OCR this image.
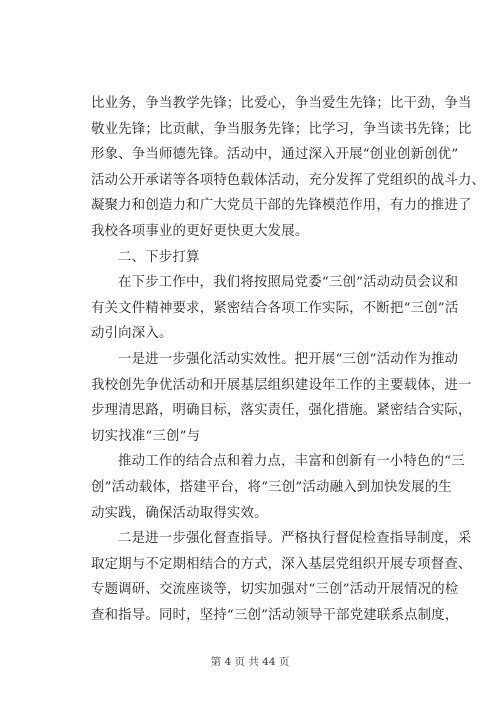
比业务，争当教学先锋；比爱心，争当爱生先锋；比干劲，争当
敬业先锋；比贡献，争当服务先锋；比学习，争当读书先锋；比
形象、争当师德先锋。活动中，通过深入开展“创业创新创优”
活动公开承诺等各项特色载体活动，充分发挥了党组织的战斗力、
凝聚力和创造力和广大党员干部的先锋模范作用，有力的推进了
我校各项事业的更好更快更大发展。
二、下步打算
在下步工作中，我们将按照局党委“三创”活动动员会议和
有关文件精神要求，紧密结合各项工作实际，不断把“三创”活
动引向深入。
一是进一步强化活动实效性。把开展“三创”活动作为推动
我校创先争优活动和开展基层组织建设年工作的主要载体，进一
步理清思路，明确目标，落实责任，强化措施。紧密结合实际，
切实找准“三创”与
推动工作的结合点和着力点，丰富和创新有一小特色的“三
创”活动载体，搭建平台，将“三创”活动融入到加快发展的生
动实践，确保活动取得实效。
二是进一步强化督查指导。严格执行督促检查指导制度，采
取定期与不定期相结合的方式，深入基层党组织开展专项督查、
专题调研、交流座谈等，切实加强对“三创”活动开展情况的检
查和指导。同时，坚持“三创”活动领导干部党建联系点制度，
第 4 页 共 44 页
